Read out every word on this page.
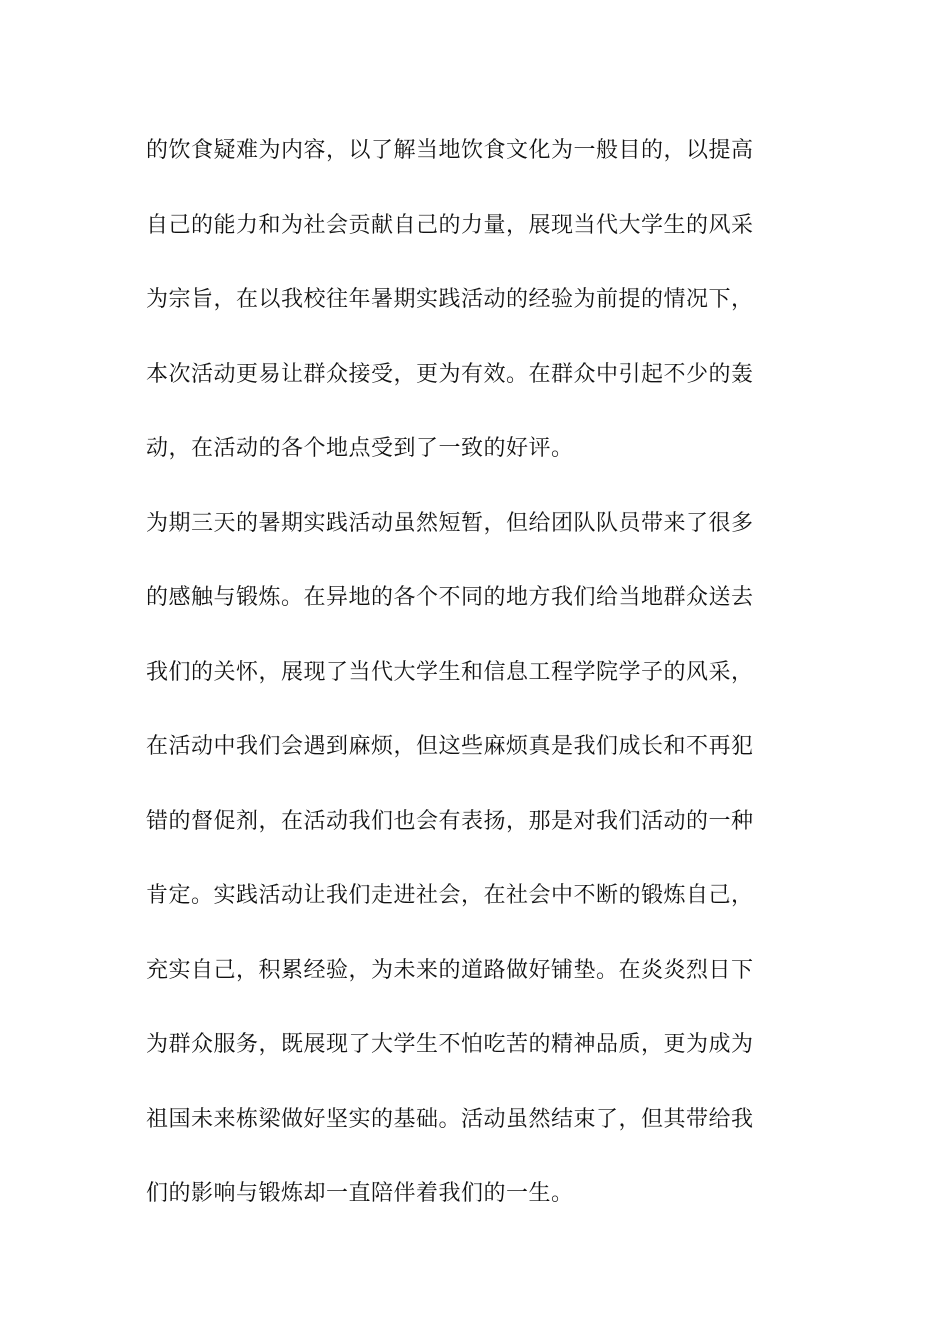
的饮食疑难为内容，以了解当地饮食文化为一般目的，以提高
自己的能力和为社会贡献自己的力量，展现当代大学生的风采
为宗旨，在以我校往年暑期实践活动的经验为前提的情况下，
本次活动更易让群众接受，更为有效。在群众中引起不少的轰
动，在活动的各个地点受到了一致的好评。
为期三天的暑期实践活动虽然短暂，但给团队队员带来了很多
的感触与锻炼。在异地的各个不同的地方我们给当地群众送去
我们的关怀，展现了当代大学生和信息工程学院学子的风采，
在活动中我们会遇到麻烦，但这些麻烦真是我们成长和不再犯
错的督促剂，在活动我们也会有表扬，那是对我们活动的一种
肯定。实践活动让我们走进社会，在社会中不断的锻炼自己，
充实自己，积累经验，为未来的道路做好铺垫。在炎炎烈日下
为群众服务，既展现了大学生不怕吃苦的精神品质，更为成为
祖国未来栋梁做好坚实的基础。活动虽然结束了，但其带给我
们的影响与锻炼却一直陪伴着我们的一生。
